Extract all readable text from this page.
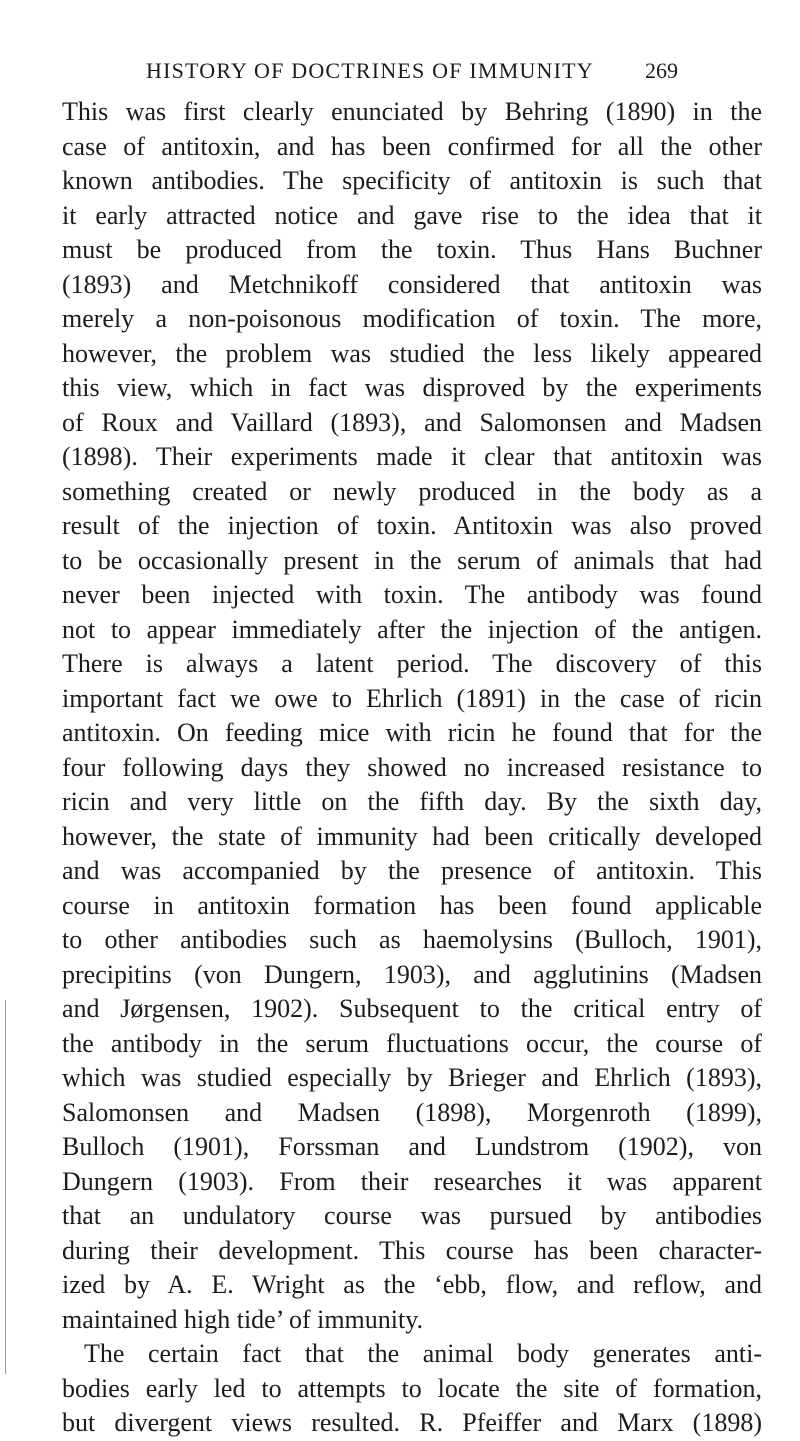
HISTORY OF DOCTRINES OF IMMUNITY 269
This was first clearly enunciated by Behring (1890) in the
case of antitoxin, and has been confirmed for all the other
known antibodies. The specificity of antitoxin is such that
it early attracted notice and gave rise to the idea that it
must be produced from the toxin. Thus Hans Buchner
(1893) and Metchnikoff considered that antitoxin was
merely a non-poisonous modification of toxin. The more,
however, the problem was studied the less likely appeared
this view, which in fact was disproved by the experiments
of Roux and Vaillard (1893), and Salomonsen and Madsen
(1898). Their experiments made it clear that antitoxin was
something created or newly produced in the body as a
result of the injection of toxin. Antitoxin was also proved
to be occasionally present in the serum of animals that had
never been injected with toxin. The antibody was found
not to appear immediately after the injection of the antigen.
There is always a latent period. The discovery of this
important fact we owe to Ehrlich (1891) in the case of ricin
antitoxin. On feeding mice with ricin he found that for the
four following days they showed no increased resistance to
ricin and very little on the fifth day. By the sixth day,
however, the state of immunity had been critically developed
and was accompanied by the presence of antitoxin. This
course in antitoxin formation has been found applicable
to other antibodies such as haemolysins (Bulloch, 1901),
precipitins (von Dungern, 1903), and agglutinins (Madsen
and Jørgensen, 1902). Subsequent to the critical entry of
the antibody in the serum fluctuations occur, the course of
which was studied especially by Brieger and Ehrlich (1893),
Salomonsen and Madsen (1898), Morgenroth (1899),
Bulloch (1901), Forssman and Lundstrom (1902), von
Dungern (1903). From their researches it was apparent
that an undulatory course was pursued by antibodies
during their development. This course has been character-
ized by A. E. Wright as the ‘ebb, flow, and reflow, and
maintained high tide’ of immunity.
The certain fact that the animal body generates anti-
bodies early led to attempts to locate the site of formation,
but divergent views resulted. R. Pfeiffer and Marx (1898)
